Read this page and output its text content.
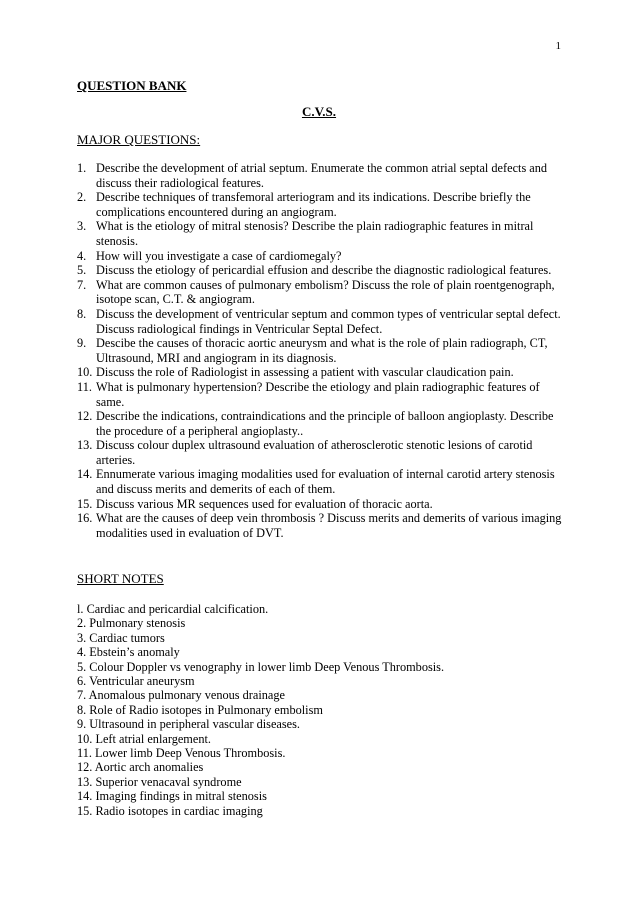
1
QUESTION BANK
C.V.S.
MAJOR QUESTIONS:
1. Describe the development of atrial septum. Enumerate the common atrial septal defects and discuss their radiological features.
2. Describe techniques of transfemoral arteriogram and its indications. Describe briefly the complications encountered during an angiogram.
3. What is the etiology of mitral stenosis? Describe the plain radiographic features in mitral stenosis.
4. How will you investigate a case of cardiomegaly?
5. Discuss the etiology of pericardial effusion and describe the diagnostic radiological features.
7. What are common causes of pulmonary embolism? Discuss the role of plain roentgenograph, isotope scan, C.T. & angiogram.
8. Discuss the development of ventricular septum and common types of ventricular septal defect. Discuss radiological findings in Ventricular Septal Defect.
9. Descibe the causes of thoracic aortic aneurysm and what is the role of plain radiograph, CT, Ultrasound, MRI and angiogram in its diagnosis.
10. Discuss the role of Radiologist in assessing a patient with vascular claudication pain.
11. What is pulmonary hypertension? Describe the etiology and plain radiographic features of same.
12. Describe the indications, contraindications and the principle of balloon angioplasty. Describe the procedure of a peripheral angioplasty..
13. Discuss colour duplex ultrasound evaluation of atherosclerotic stenotic lesions of carotid arteries.
14. Ennumerate various imaging modalities used for evaluation of internal carotid artery stenosis and discuss merits and demerits of each of them.
15. Discuss various MR sequences used for evaluation of thoracic aorta.
16. What are the causes of deep vein thrombosis ? Discuss merits and demerits of various imaging modalities used in evaluation of DVT.
SHORT NOTES
l. Cardiac and pericardial calcification.
2. Pulmonary stenosis
3. Cardiac tumors
4. Ebstein’s anomaly
5. Colour Doppler vs venography in lower limb Deep Venous Thrombosis.
6. Ventricular aneurysm
7. Anomalous pulmonary venous drainage
8. Role of Radio isotopes in Pulmonary embolism
9. Ultrasound in peripheral vascular diseases.
10. Left atrial enlargement.
11. Lower limb Deep Venous Thrombosis.
12. Aortic arch anomalies
13. Superior venacaval syndrome
14. Imaging findings in mitral stenosis
15. Radio isotopes in cardiac imaging
